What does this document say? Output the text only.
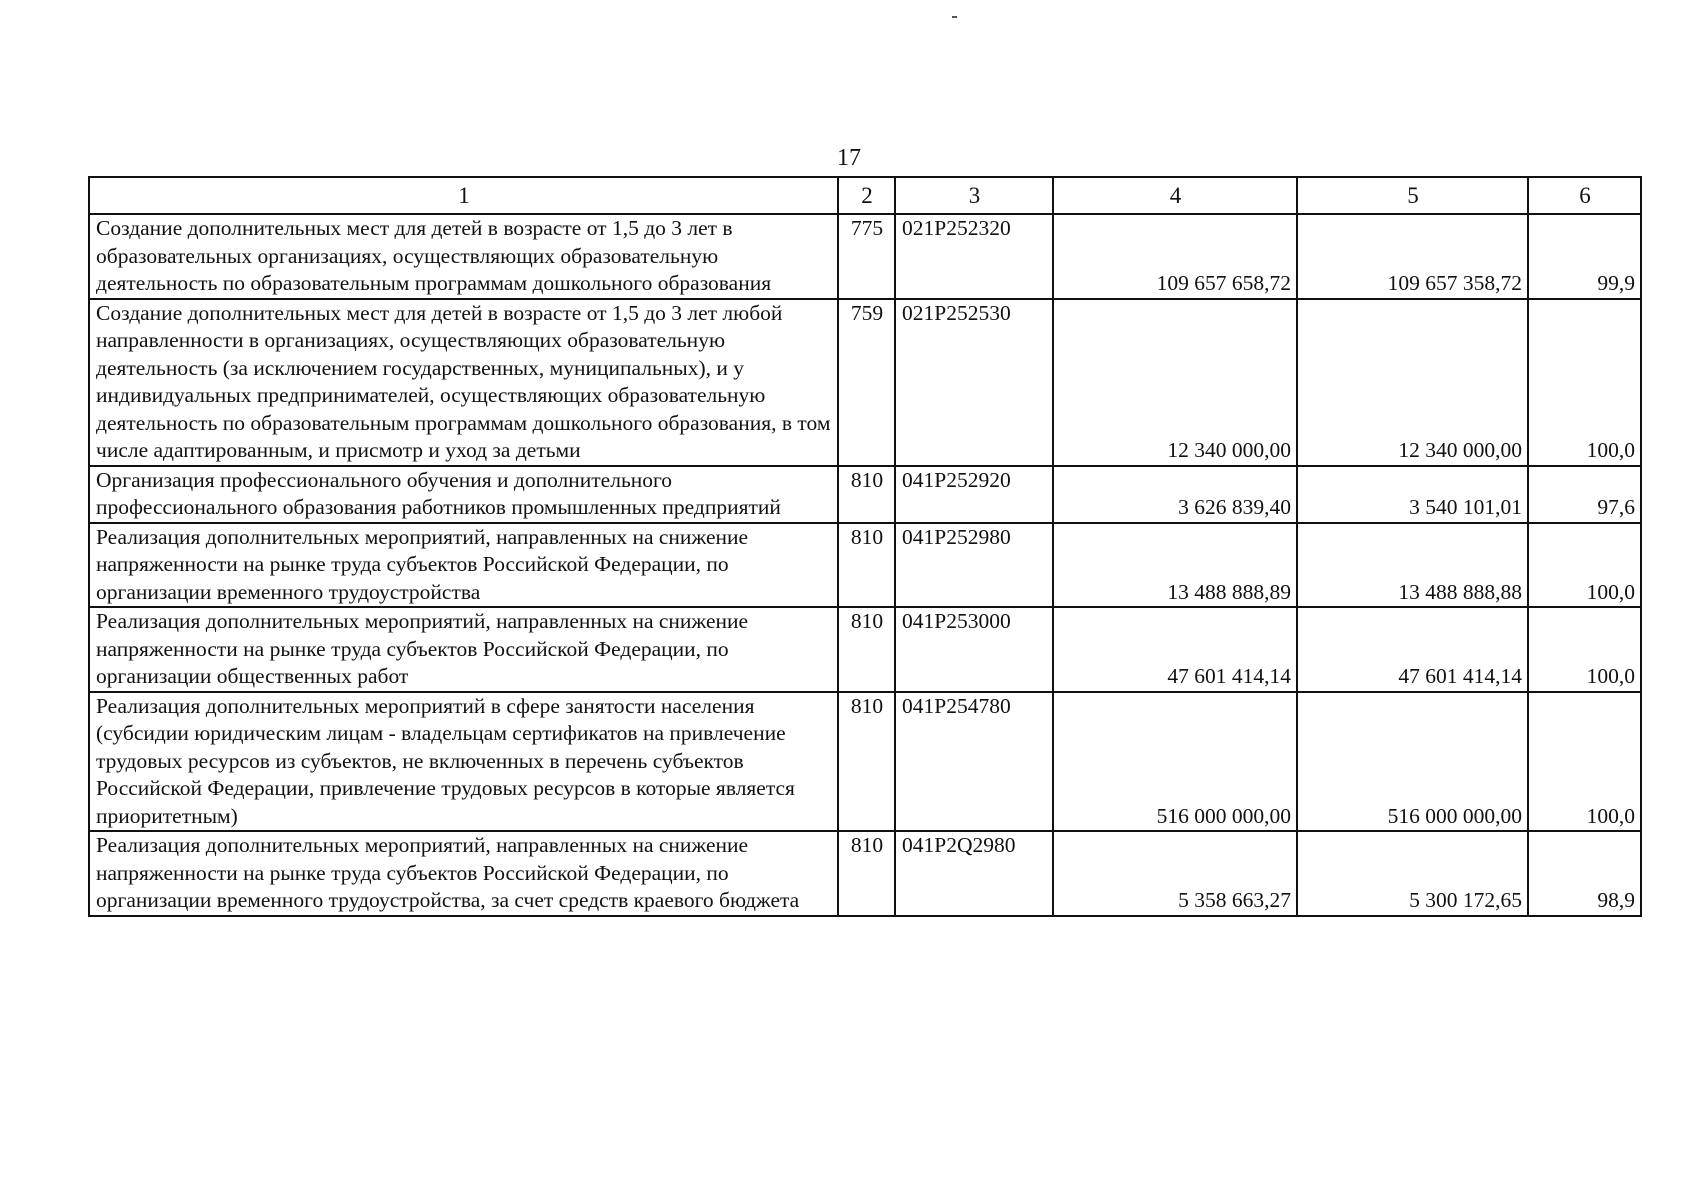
17
1	2	3	4	5	6
Создание дополнительных мест для детей в возрасте от 1,5 до 3 лет в образовательных организациях, осуществляющих образовательную деятельность по образовательным программам дошкольного образования	775	021P252320	109 657 658,72	109 657 358,72	99,9
Создание дополнительных мест для детей в возрасте от 1,5 до 3 лет любой направленности в организациях, осуществляющих образовательную деятельность (за исключением государственных, муниципальных), и у индивидуальных предпринимателей, осуществляющих образовательную деятельность по образовательным программам дошкольного образования, в том числе адаптированным, и присмотр и уход за детьми	759	021P252530	12 340 000,00	12 340 000,00	100,0
Организация профессионального обучения и дополнительного профессионального образования работников промышленных предприятий	810	041P252920	3 626 839,40	3 540 101,01	97,6
Реализация дополнительных мероприятий, направленных на снижение напряженности на рынке труда субъектов Российской Федерации, по организации временного трудоустройства	810	041P252980	13 488 888,89	13 488 888,88	100,0
Реализация дополнительных мероприятий, направленных на снижение напряженности на рынке труда субъектов Российской Федерации, по организации общественных работ	810	041P253000	47 601 414,14	47 601 414,14	100,0
Реализация дополнительных мероприятий в сфере занятости населения (субсидии юридическим лицам - владельцам сертификатов на привлечение трудовых ресурсов из субъектов, не включенных в перечень субъектов Российской Федерации, привлечение трудовых ресурсов в которые является приоритетным)	810	041P254780	516 000 000,00	516 000 000,00	100,0
Реализация дополнительных мероприятий, направленных на снижение напряженности на рынке труда субъектов Российской Федерации, по организации временного трудоустройства, за счет средств краевого бюджета	810	041P2Q2980	5 358 663,27	5 300 172,65	98,9
